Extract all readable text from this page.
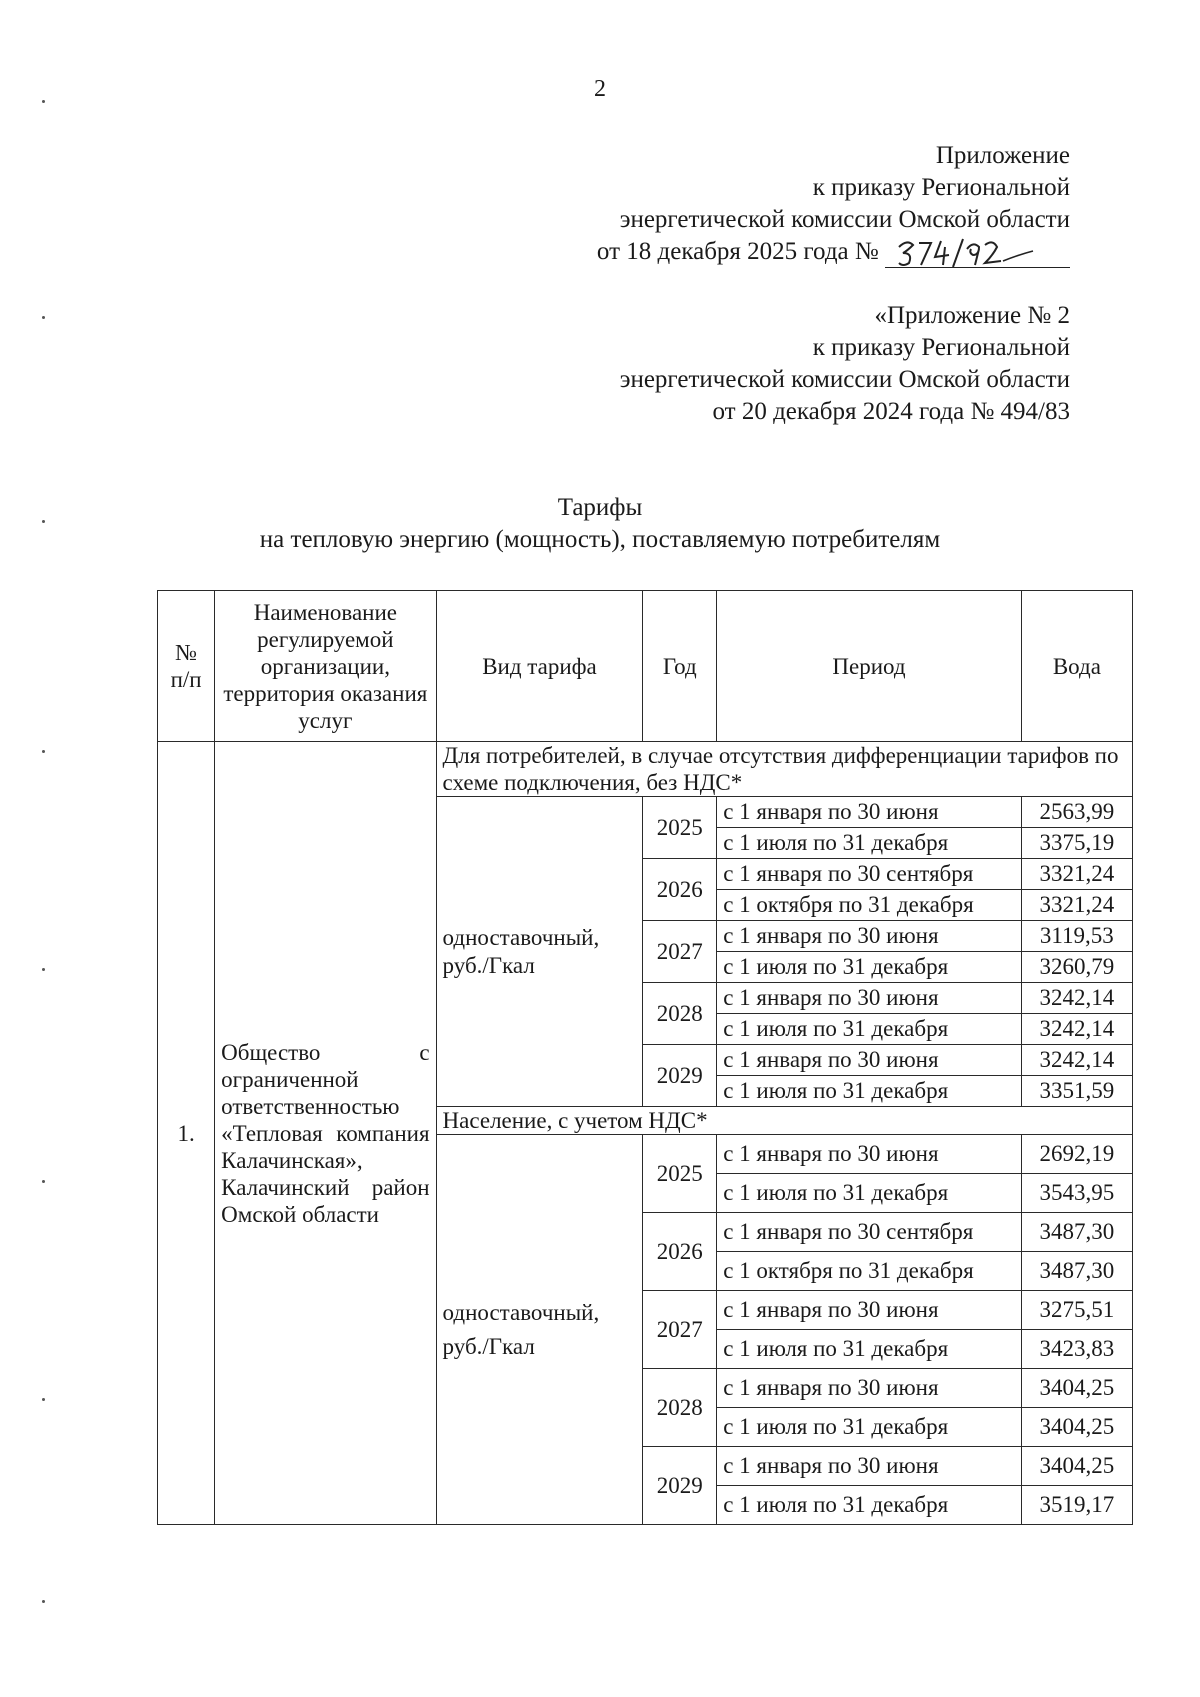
2
Приложение
к приказу Региональной
энергетической комиссии Омской области
от 18 декабря 2025 года №
«Приложение № 2
к приказу Региональной
энергетической комиссии Омской области
от 20 декабря 2024 года № 494/83
Тарифы
на тепловую энергию (мощность), поставляемую потребителям
№ п/п	Наименование регулируемой организации, территория оказания услуг	Вид тарифа	Год	Период	Вода
1.	Общество с ограниченной ответственностью «Тепловая компания Калачинская», Калачинский район Омской области	Для потребителей, в случае отсутствия дифференциации тарифов по схеме подключения, без НДС*			
		одноставочный, руб./Гкал	2025	с 1 января по 30 июня	2563,99
				с 1 июля по 31 декабря	3375,19
			2026	с 1 января по 30 сентября	3321,24
				с 1 октября по 31 декабря	3321,24
			2027	с 1 января по 30 июня	3119,53
				с 1 июля по 31 декабря	3260,79
			2028	с 1 января по 30 июня	3242,14
				с 1 июля по 31 декабря	3242,14
			2029	с 1 января по 30 июня	3242,14
				с 1 июля по 31 декабря	3351,59
		Население, с учетом НДС*			
		одноставочный, руб./Гкал	2025	с 1 января по 30 июня	2692,19
				с 1 июля по 31 декабря	3543,95
			2026	с 1 января по 30 сентября	3487,30
				с 1 октября по 31 декабря	3487,30
			2027	с 1 января по 30 июня	3275,51
				с 1 июля по 31 декабря	3423,83
			2028	с 1 января по 30 июня	3404,25
				с 1 июля по 31 декабря	3404,25
			2029	с 1 января по 30 июня	3404,25
				с 1 июля по 31 декабря	3519,17
